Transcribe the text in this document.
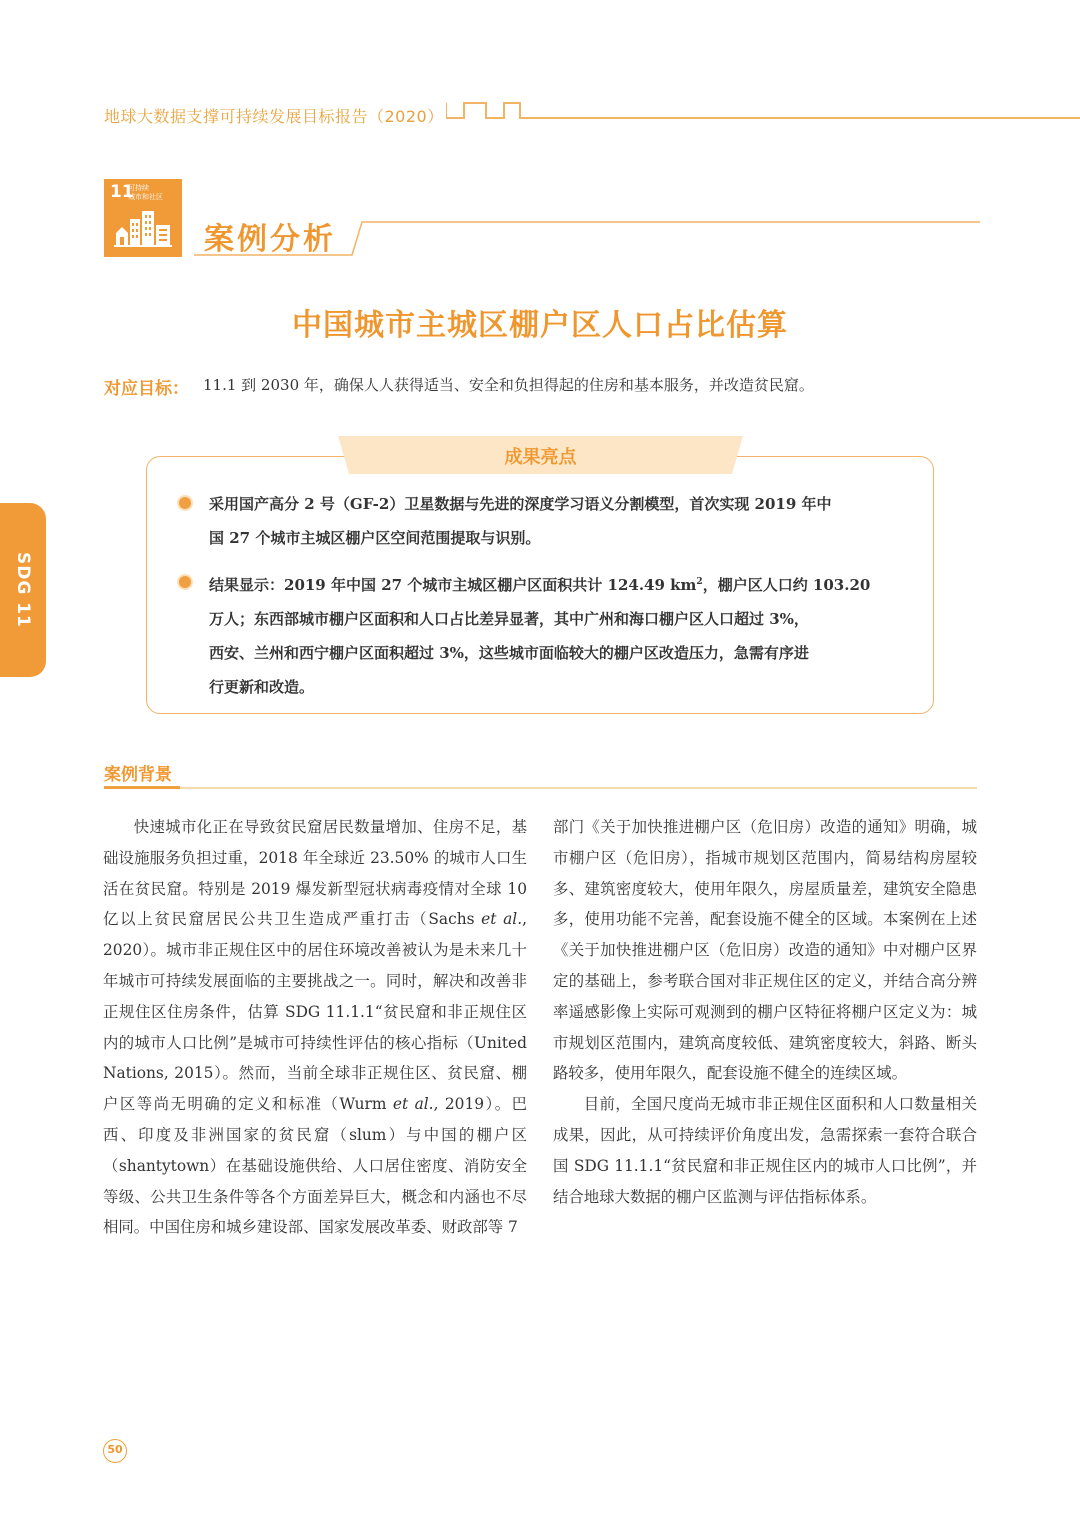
地球大数据支撑可持续发展目标报告（2020）
11
可持续
城市和社区
案例分析
中国城市主城区棚户区人口占比估算
对应目标： 11.1 到 2030 年，确保人人获得适当、安全和负担得起的住房和基本服务，并改造贫民窟。
成果亮点
采用国产高分 2 号（GF-2）卫星数据与先进的深度学习语义分割模型，首次实现 2019 年中
国 27 个城市主城区棚户区空间范围提取与识别。
结果显示：2019 年中国 27 个城市主城区棚户区面积共计 124.49 $km^2$，棚户区人口约 103.20
万人；东西部城市棚户区面积和人口占比差异显著，其中广州和海口棚户区人口超过 3%，
西安、兰州和西宁棚户区面积超过 3%，这些城市面临较大的棚户区改造压力，急需有序进
行更新和改造。
SDG 11
案例背景

快速城市化正在导致贫民窟居民数量增加、住房不足，基础设施服务负担过重，2018 年全球近 23.50% 的城市人口生活在贫民窟。特别是 2019 爆发新型冠状病毒疫情对全球 10 亿以上贫民窟居民公共卫生造成严重打击（Sachs et al., 2020）。城市非正规住区中的居住环境改善被认为是未来几十年城市可持续发展面临的主要挑战之一。同时，解决和改善非正规住区住房条件，估算 SDG 11.1.1“贫民窟和非正规住区内的城市人口比例”是城市可持续性评估的核心指标（United Nations, 2015）。然而，当前全球非正规住区、贫民窟、棚户区等尚无明确的定义和标准（Wurm et al., 2019）。巴西、印度及非洲国家的贫民窟（slum）与中国的棚户区（shantytown）在基础设施供给、人口居住密度、消防安全等级、公共卫生条件等各个方面差异巨大，概念和内涵也不尽相同。中国住房和城乡建设部、国家发展改革委、财政部等 7

部门《关于加快推进棚户区（危旧房）改造的通知》明确，城市棚户区（危旧房），指城市规划区范围内，简易结构房屋较多、建筑密度较大，使用年限久，房屋质量差，建筑安全隐患多，使用功能不完善，配套设施不健全的区域。本案例在上述《关于加快推进棚户区（危旧房）改造的通知》中对棚户区界定的基础上，参考联合国对非正规住区的定义，并结合高分辨率遥感影像上实际可观测到的棚户区特征将棚户区定义为：城市规划区范围内，建筑高度较低、建筑密度较大，斜路、断头路较多，使用年限久，配套设施不健全的连续区域。

目前，全国尺度尚无城市非正规住区面积和人口数量相关成果，因此，从可持续评价角度出发，急需探索一套符合联合国 SDG 11.1.1“贫民窟和非正规住区内的城市人口比例”，并结合地球大数据的棚户区监测与评估指标体系。

50
